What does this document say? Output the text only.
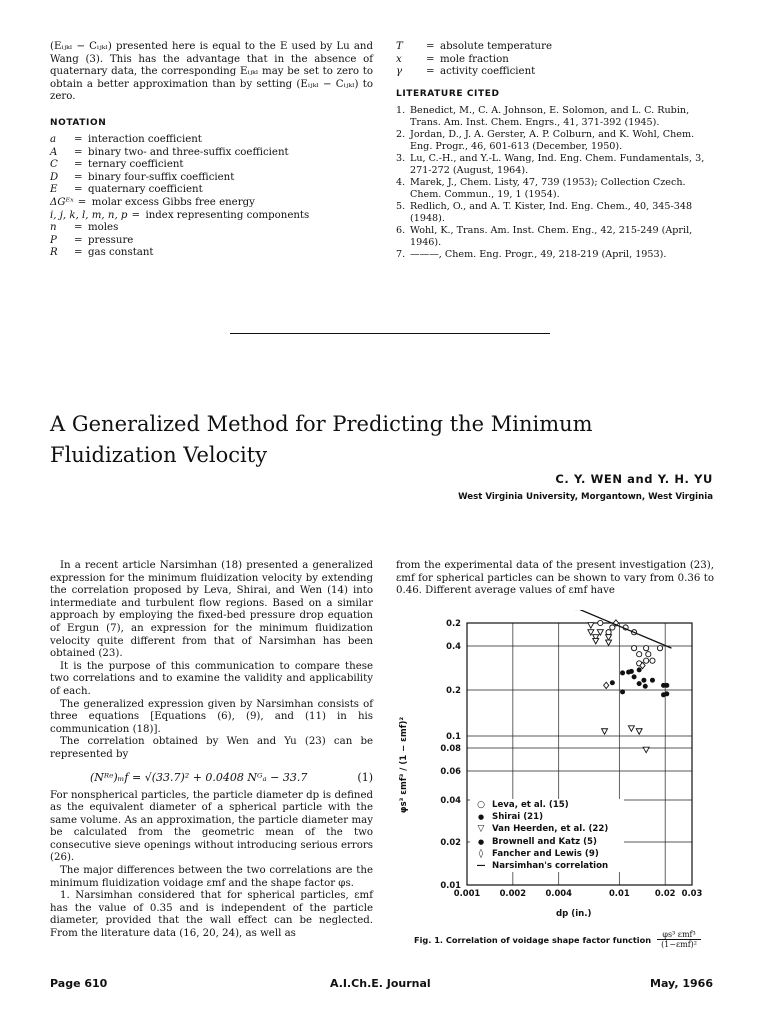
(Eᵢⱼₖₗ − Cᵢⱼₖₗ) presented here is equal to the E used by Lu and Wang (3). This has the advantage that in the absence of quaternary data, the corresponding Eᵢⱼₖₗ may be set to zero to obtain a better approximation than by setting (Eᵢⱼₖₗ − Cᵢⱼₖₗ) to zero.

NOTATION
a	= interaction coefficient
A	= binary two- and three-suffix coefficient
C	= ternary coefficient
D	= binary four-suffix coefficient
E	= quaternary coefficient
ΔGᴱˣ = molar excess Gibbs free energy
i, j, k, l, m, n, p = index representing components
n	= moles
P	= pressure
R	= gas constant
T	= absolute temperature
x	= mole fraction
γ	= activity coefficient
LITERATURE CITED
1. Benedict, M., C. A. Johnson, E. Solomon, and L. C. Rubin, Trans. Am. Inst. Chem. Engrs., 41, 371-392 (1945).
2. Jordan, D., J. A. Gerster, A. P. Colburn, and K. Wohl, Chem. Eng. Progr., 46, 601-613 (December, 1950).
3. Lu, C.-H., and Y.-L. Wang, Ind. Eng. Chem. Fundamentals, 3, 271-272 (August, 1964).
4. Marek, J., Chem. Listy, 47, 739 (1953); Collection Czech. Chem. Commun., 19, 1 (1954).
5. Redlich, O., and A. T. Kister, Ind. Eng. Chem., 40, 345-348 (1948).
6. Wohl, K., Trans. Am. Inst. Chem. Eng., 42, 215-249 (April, 1946).
7. ———, Chem. Eng. Progr., 49, 218-219 (April, 1953).
A Generalized Method for Predicting the Minimum
Fluidization Velocity
C. Y. WEN and Y. H. YU
West Virginia University, Morgantown, West Virginia

In a recent article Narsimhan (18) presented a generalized expression for the minimum fluidization velocity by extending the correlation proposed by Leva, Shirai, and Wen (14) into intermediate and turbulent flow regions. Based on a similar approach by employing the fixed-bed pressure drop equation of Ergun (7), an expression for the minimum fluidization velocity quite different from that of Narsimhan has been obtained (23).

It is the purpose of this communication to compare these two correlations and to examine the validity and applicability of each.

The generalized expression given by Narsimhan consists of three equations [Equations (6), (9), and (11) in his communication (18)].

The correlation obtained by Wen and Yu (23) can be represented by

(Nᴿᵉ)ₘf = √(33.7)² + 0.0408 Nᴳₐ − 33.7	(1)

For nonspherical particles, the particle diameter dp is defined as the equivalent diameter of a spherical particle with the same volume. As an approximation, the particle diameter may be calculated from the geometric mean of the two consecutive sieve openings without introducing serious errors (26).

The major differences between the two correlations are the minimum fluidization voidage εmf and the shape factor φs.

1. Narsimhan considered that for spherical particles, εmf has the value of 0.35 and is independent of the particle diameter, provided that the wall effect can be neglected. From the literature data (16, 20, 24), as well as

from the experimental data of the present investigation (23), εmf for spherical particles can be shown to vary from 0.36 to 0.46. Different average values of εmf have

0.2
0.4
0.2
0.1
0.08
0.06
0.04
0.02
0.01
0.001 0.002 0.004	0.01	0.02 0.03
φs³ εmf³ / (1 − εmf)²	○ Leva, et al. (15)
● Shirai (21)
▽ Van Heerden, et al. (22)
● Brownell and Katz (5)
◊	Fancher and Lewis (9)
— Narsimhan's correlation
dp (in.)
Fig. 1. Correlation of voidage shape factor function	φs³ εmf³
(1−εmf)²
Page 610	A.I.Ch.E. Journal	May, 1966
